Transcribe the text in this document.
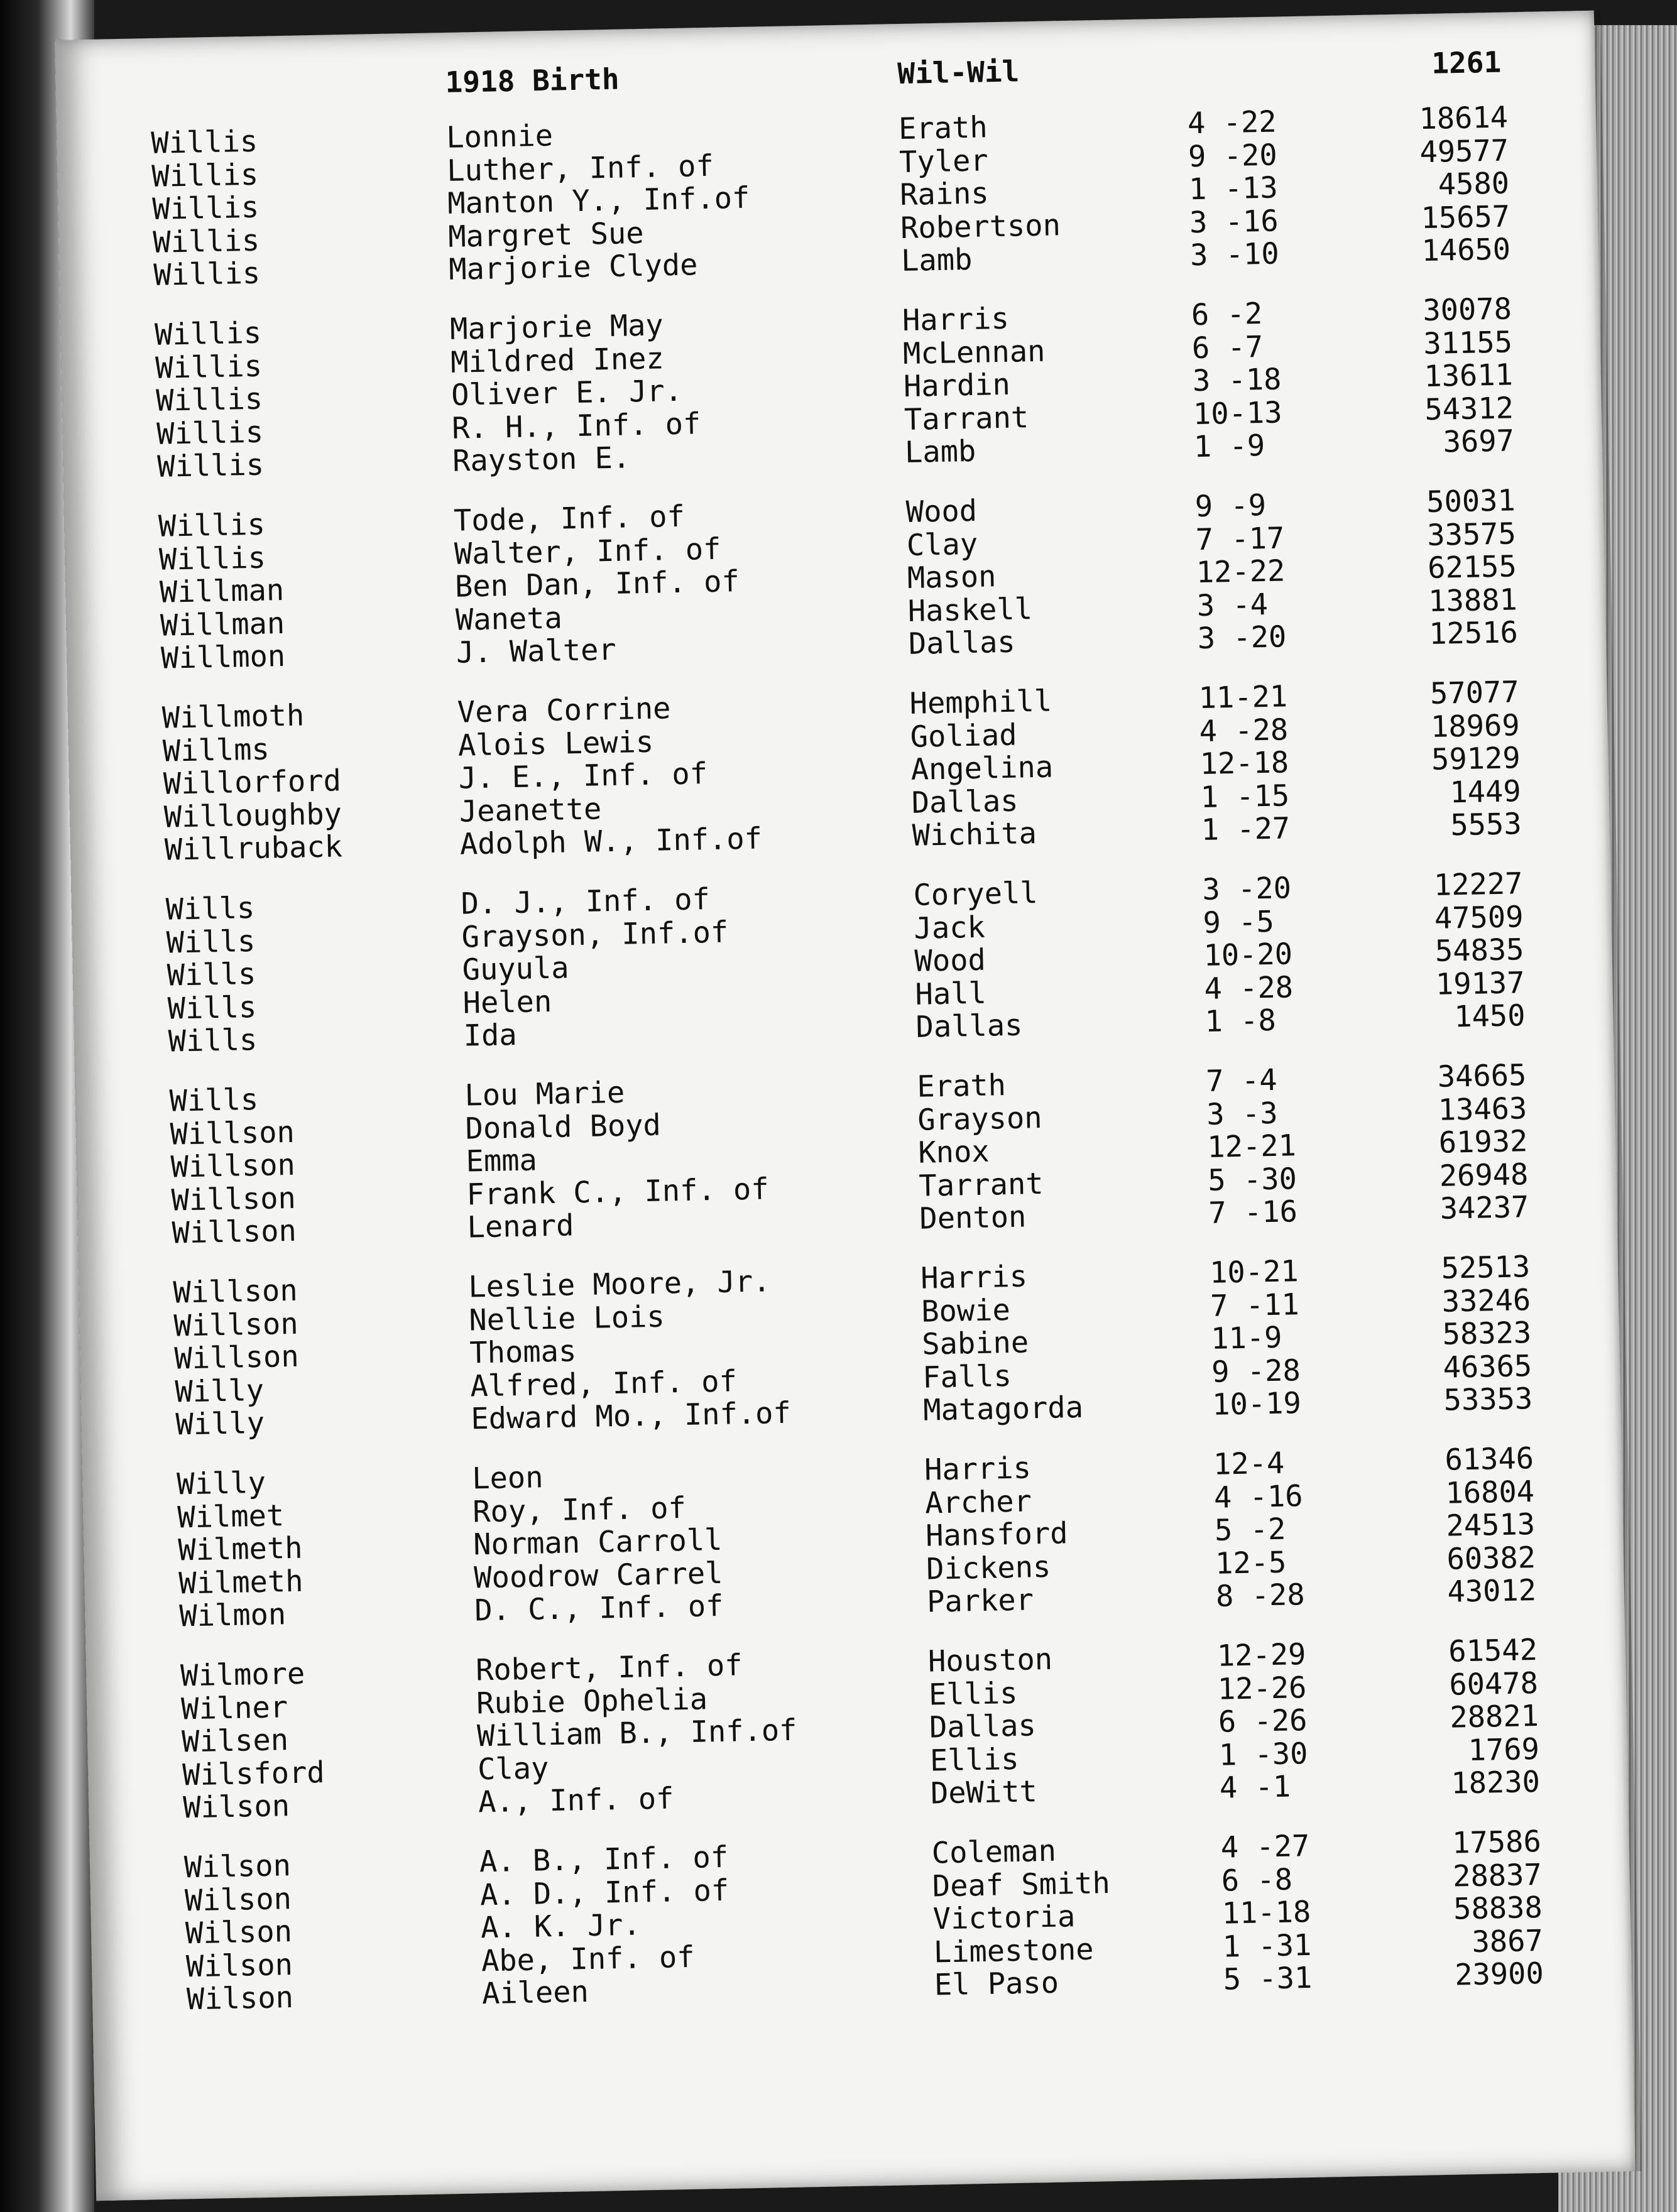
1918 Birth	Wil-Wil	1261
Willis	Lonnie	Erath	4 -22	18614
Willis	Luther, Inf. of	Tyler	9 -20	49577
Willis	Manton Y., Inf.of	Rains	1 -13	4580
Willis	Margret Sue	Robertson	3 -16	15657
Willis	Marjorie Clyde	Lamb	3 -10	14650
Willis	Marjorie May	Harris	6 -2	30078
Willis	Mildred Inez	McLennan	6 -7	31155
Willis	Oliver E. Jr.	Hardin	3 -18	13611
Willis	R. H., Inf. of	Tarrant	10-13	54312
Willis	Rayston E.	Lamb	1 -9	3697
Willis	Tode, Inf. of	Wood	9 -9	50031
Willis	Walter, Inf. of	Clay	7 -17	33575
Willman	Ben Dan, Inf. of	Mason	12-22	62155
Willman	Waneta	Haskell	3 -4	13881
Willmon	J. Walter	Dallas	3 -20	12516
Willmoth	Vera Corrine	Hemphill	11-21	57077
Willms	Alois Lewis	Goliad	4 -28	18969
Willorford	J. E., Inf. of	Angelina	12-18	59129
Willoughby	Jeanette	Dallas	1 -15	1449
Willruback	Adolph W., Inf.of	Wichita	1 -27	5553
Wills	D. J., Inf. of	Coryell	3 -20	12227
Wills	Grayson, Inf.of	Jack	9 -5	47509
Wills	Guyula	Wood	10-20	54835
Wills	Helen	Hall	4 -28	19137
Wills	Ida	Dallas	1 -8	1450
Wills	Lou Marie	Erath	7 -4	34665
Willson	Donald Boyd	Grayson	3 -3	13463
Willson	Emma	Knox	12-21	61932
Willson	Frank C., Inf. of	Tarrant	5 -30	26948
Willson	Lenard	Denton	7 -16	34237
Willson	Leslie Moore, Jr.	Harris	10-21	52513
Willson	Nellie Lois	Bowie	7 -11	33246
Willson	Thomas	Sabine	11-9	58323
Willy	Alfred, Inf. of	Falls	9 -28	46365
Willy	Edward Mo., Inf.of	Matagorda	10-19	53353
Willy	Leon	Harris	12-4	61346
Wilmet	Roy, Inf. of	Archer	4 -16	16804
Wilmeth	Norman Carroll	Hansford	5 -2	24513
Wilmeth	Woodrow Carrel	Dickens	12-5	60382
Wilmon	D. C., Inf. of	Parker	8 -28	43012
Wilmore	Robert, Inf. of	Houston	12-29	61542
Wilner	Rubie Ophelia	Ellis	12-26	60478
Wilsen	William B., Inf.of	Dallas	6 -26	28821
Wilsford	Clay	Ellis	1 -30	1769
Wilson	A., Inf. of	DeWitt	4 -1	18230
Wilson	A. B., Inf. of	Coleman	4 -27	17586
Wilson	A. D., Inf. of	Deaf Smith	6 -8	28837
Wilson	A. K. Jr.	Victoria	11-18	58838
Wilson	Abe, Inf. of	Limestone	1 -31	3867
Wilson	Aileen	El Paso	5 -31	23900
